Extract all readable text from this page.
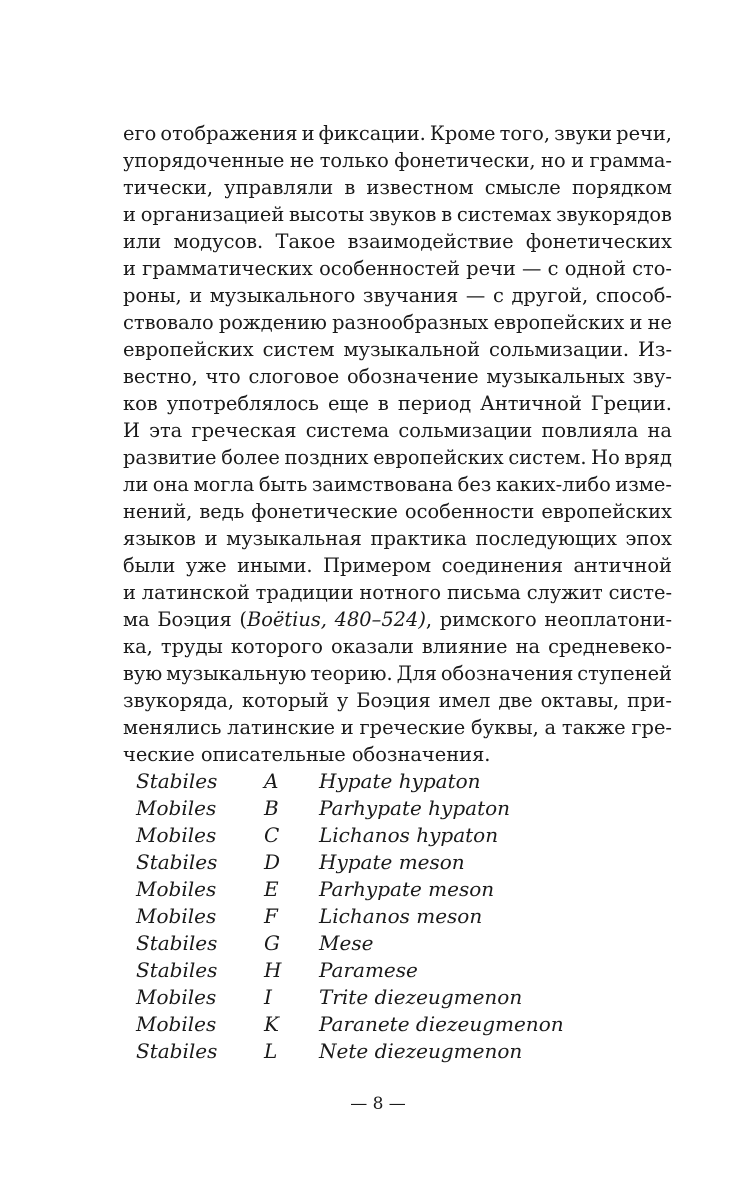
его отображения и фиксации. Кроме того, звуки речи,
упорядоченные не только фонетически, но и грамма-
тически, управляли в известном смысле порядком
и организацией высоты звуков в системах звукорядов
или модусов. Такое взаимодействие фонетических
и грамматических особенностей речи — с одной сто-
роны, и музыкального звучания — с другой, способ-
ствовало рождению разнообразных европейских и не
европейских систем музыкальной сольмизации. Из-
вестно, что слоговое обозначение музыкальных зву-
ков употреблялось еще в период Античной Греции.
И эта греческая система сольмизации повлияла на
развитие более поздних европейских систем. Но вряд
ли она могла быть заимствована без каких-либо изме-
нений, ведь фонетические особенности европейских
языков и музыкальная практика последующих эпох
были уже иными. Примером соединения античной
и латинской традиции нотного письма служит систе-
ма Боэция (Boëtius, 480–524), римского неоплатони-
ка, труды которого оказали влияние на средневеко-
вую музыкальную теорию. Для обозначения ступеней
звукоряда, который у Боэция имел две октавы, при-
менялись латинские и греческие буквы, а также гре-
ческие описательные обозначения.
Stabiles	A	Hypate hypaton
Mobiles	B	Parhypate hypaton
Mobiles	C	Lichanos hypaton
Stabiles	D	Hypate meson
Mobiles	E	Parhypate meson
Mobiles	F	Lichanos meson
Stabiles	G	Mese
Stabiles	H	Paramese
Mobiles	I	Trite diezeugmenon
Mobiles	K	Paranete diezeugmenon
Stabiles	L	Nete diezeugmenon
— 8 —
